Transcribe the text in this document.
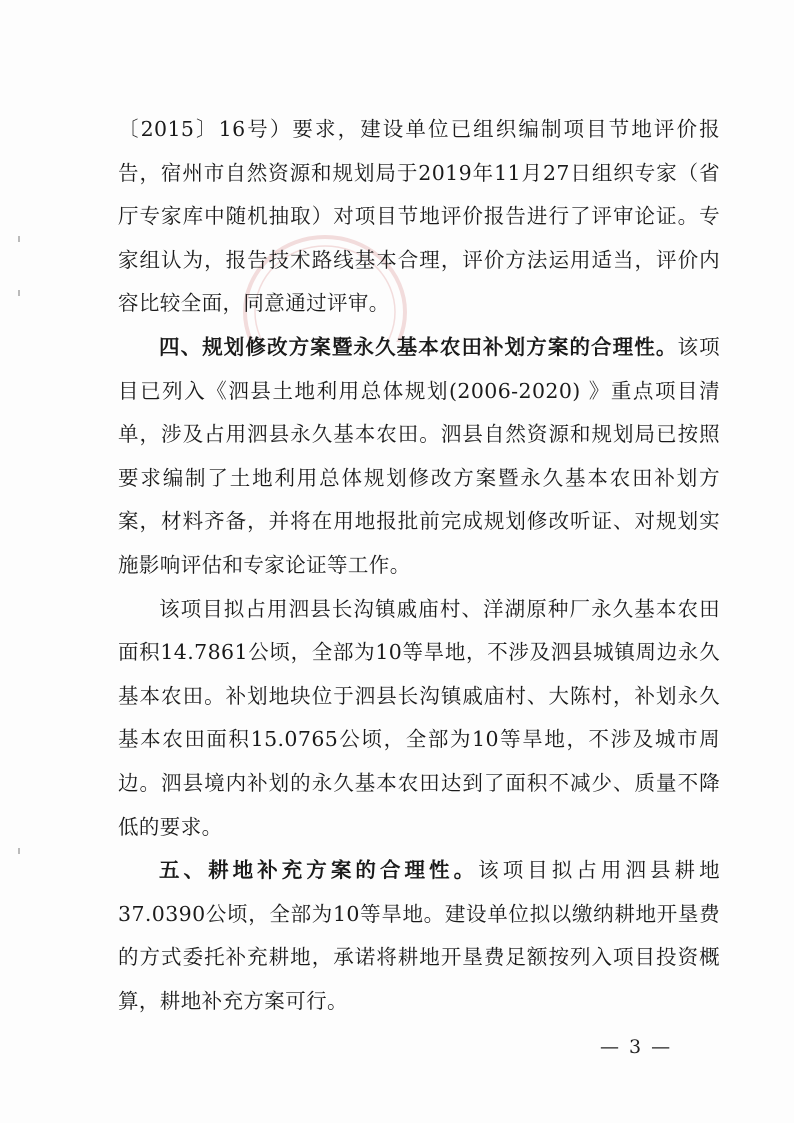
〔2015〕16号）要求，建设单位已组织编制项目节地评价报告，宿州市自然资源和规划局于2019年11月27日组织专家（省厅专家库中随机抽取）对项目节地评价报告进行了评审论证。专家组认为，报告技术路线基本合理，评价方法运用适当，评价内容比较全面，同意通过评审。

四、规划修改方案暨永久基本农田补划方案的合理性。该项目已列入《泗县土地利用总体规划(2006-2020) 》重点项目清单，涉及占用泗县永久基本农田。泗县自然资源和规划局已按照要求编制了土地利用总体规划修改方案暨永久基本农田补划方案，材料齐备，并将在用地报批前完成规划修改听证、对规划实施影响评估和专家论证等工作。

该项目拟占用泗县长沟镇戚庙村、洋湖原种厂永久基本农田面积14.7861公顷，全部为10等旱地，不涉及泗县城镇周边永久基本农田。补划地块位于泗县长沟镇戚庙村、大陈村，补划永久基本农田面积15.0765公顷，全部为10等旱地，不涉及城市周边。泗县境内补划的永久基本农田达到了面积不减少、质量不降低的要求。

五、耕地补充方案的合理性。该项目拟占用泗县耕地37.0390公顷，全部为10等旱地。建设单位拟以缴纳耕地开垦费的方式委托补充耕地，承诺将耕地开垦费足额按列入项目投资概算，耕地补充方案可行。

— 3 —
